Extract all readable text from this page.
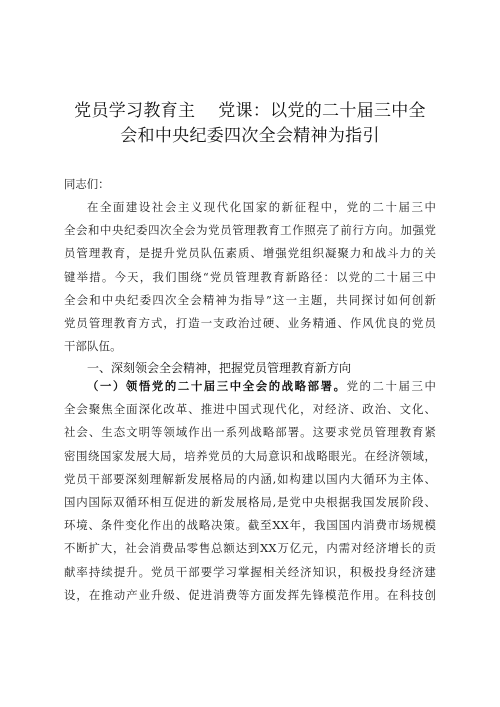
党员学习教育主　 党课：以党的二十届三中全
会和中央纪委四次全会精神为指引
同志们：
在全面建设社会主义现代化国家的新征程中，党的二十届三中
全会和中央纪委四次全会为党员管理教育工作照亮了前行方向。加强党
员管理教育，是提升党员队伍素质、增强党组织凝聚力和战斗力的关
键举措。今天，我们围绕“党员管理教育新路径：以党的二十届三中
全会和中央纪委四次全会精神为指导”这一主题，共同探讨如何创新
党员管理教育方式，打造一支政治过硬、业务精通、作风优良的党员
干部队伍。
一、深刻领会全会精神，把握党员管理教育新方向
（一）领悟党的二十届三中全会的战略部署。党的二十届三中
全会聚焦全面深化改革、推进中国式现代化，对经济、政治、文化、
社会、生态文明等领域作出一系列战略部署。这要求党员管理教育紧
密围绕国家发展大局，培养党员的大局意识和战略眼光。在经济领域，
党员干部要深刻理解新发展格局的内涵,如构建以国内大循环为主体、
国内国际双循环相互促进的新发展格局,是党中央根据我国发展阶段、
环境、条件变化作出的战略决策。截至XX年，我国国内消费市场规模
不断扩大，社会消费品零售总额达到XX万亿元，内需对经济增长的贡
献率持续提升。党员干部要学习掌握相关经济知识，积极投身经济建
设，在推动产业升级、促进消费等方面发挥先锋模范作用。在科技创
